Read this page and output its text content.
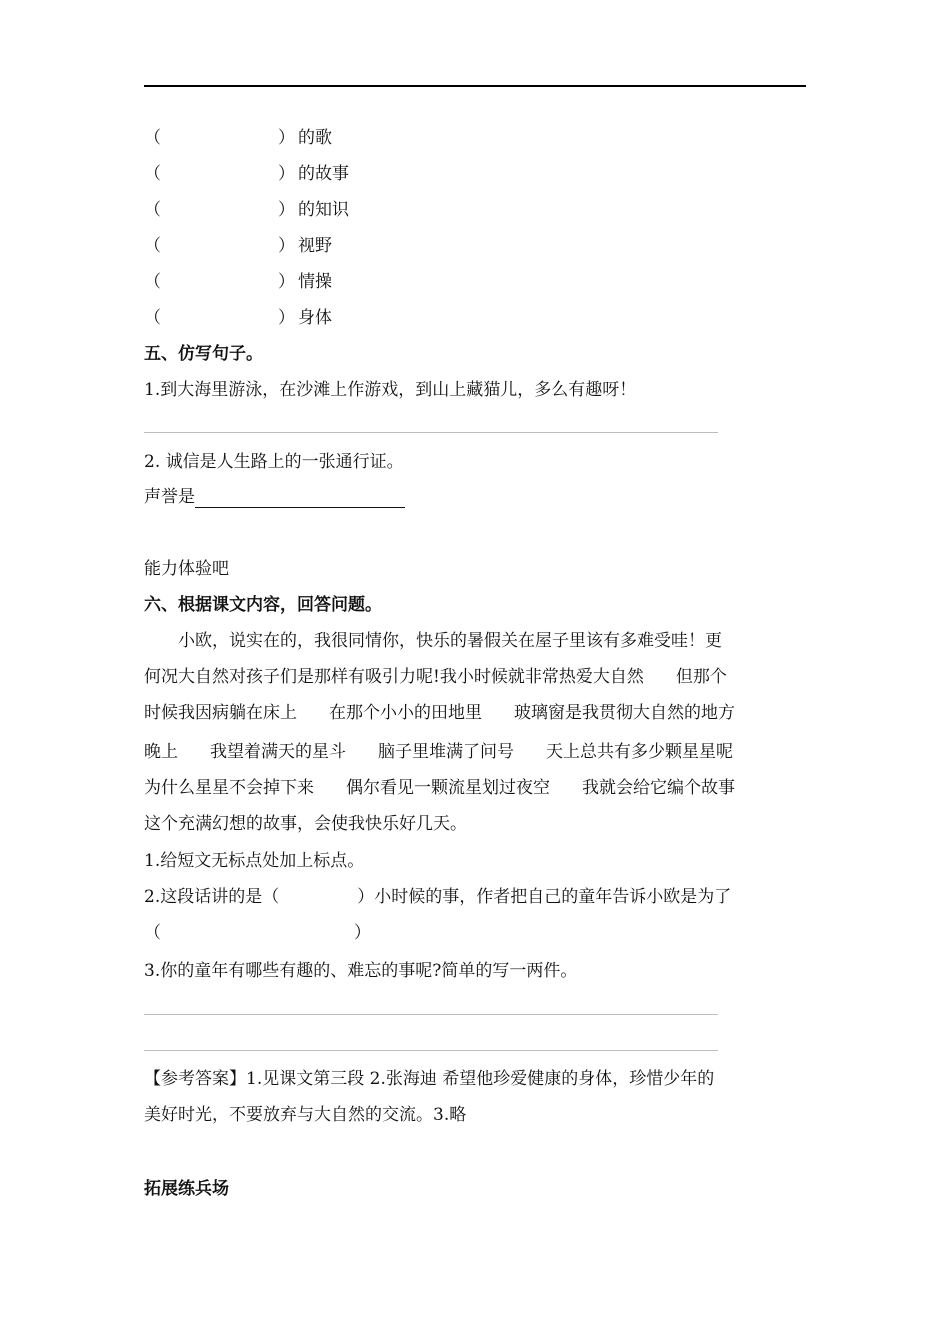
（	） 的歌
（	） 的故事
（	） 的知识
（	） 视野
（	） 情操
（	） 身体
五、仿写句子。
1.到大海里游泳，在沙滩上作游戏，到山上藏猫儿，多么有趣呀！
2. 诚信是人生路上的一张通行证。
声誉是
能力体验吧
六、根据课文内容，回答问题。
小欧，说实在的，我很同情你，快乐的暑假关在屋子里该有多难受哇！更
何况大自然对孩子们是那样有吸引力呢!我小时候就非常热爱大自然 但那个
时候我因病躺在床上 在那个小小的田地里 玻璃窗是我贯彻大自然的地方
晚上 我望着满天的星斗 脑子里堆满了问号 天上总共有多少颗星星呢
为什么星星不会掉下来 偶尔看见一颗流星划过夜空 我就会给它编个故事
这个充满幻想的故事，会使我快乐好几天。
1.给短文无标点处加上标点。
2.这段话讲的是（	）小时候的事，作者把自己的童年告诉小欧是为了
（	）
3.你的童年有哪些有趣的、难忘的事呢?简单的写一两件。
【参考答案】1.见课文第三段 2.张海迪 希望他珍爱健康的身体，珍惜少年的
美好时光，不要放弃与大自然的交流。3.略
拓展练兵场
